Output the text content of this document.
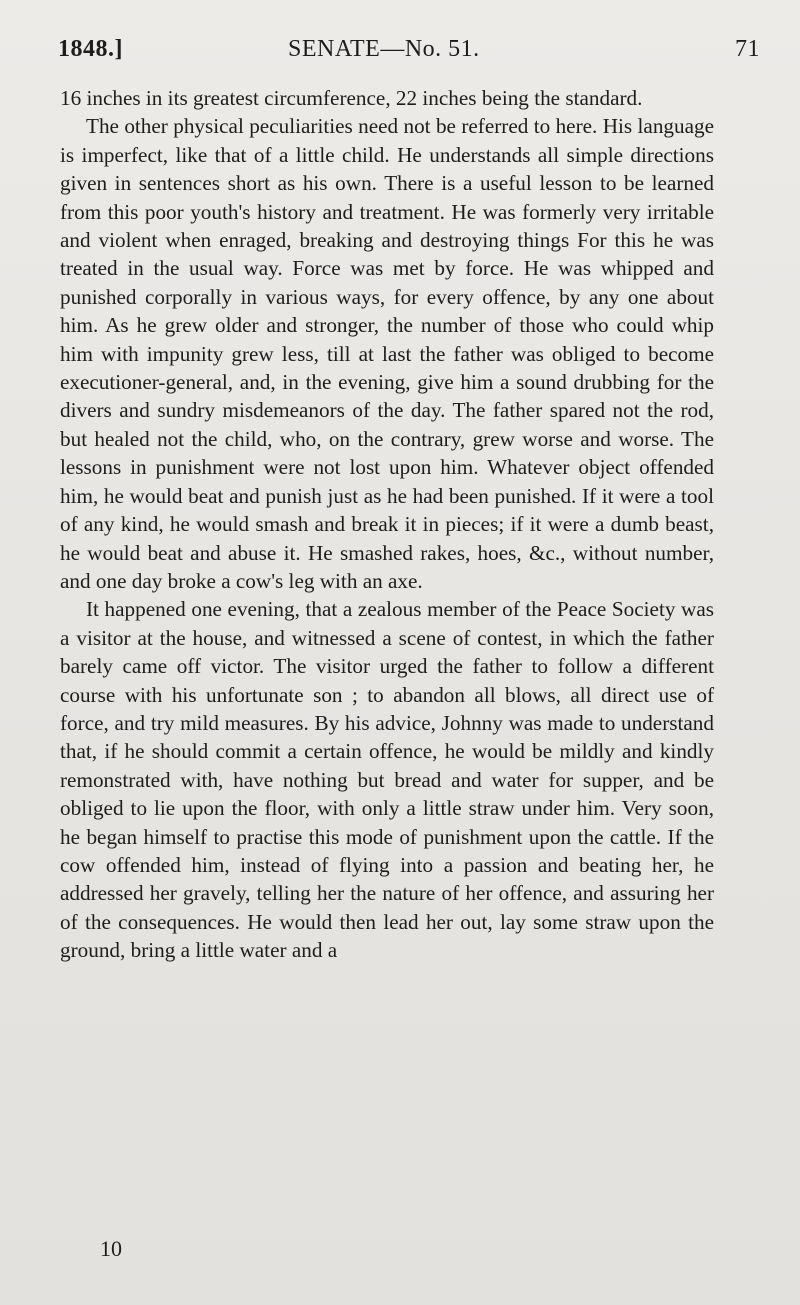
1848.]	SENATE—No. 51.	71

16 inches in its greatest circumference, 22 inches being the standard.

The other physical peculiarities need not be referred to here. His language is imperfect, like that of a little child. He understands all simple directions given in sentences short as his own. There is a useful lesson to be learned from this poor youth's history and treatment. He was formerly very irritable and violent when enraged, breaking and destroying things For this he was treated in the usual way. Force was met by force. He was whipped and punished corporally in various ways, for every offence, by any one about him. As he grew older and stronger, the number of those who could whip him with impunity grew less, till at last the father was obliged to become executioner-general, and, in the evening, give him a sound drubbing for the divers and sundry misdemeanors of the day. The father spared not the rod, but healed not the child, who, on the contrary, grew worse and worse. The lessons in punishment were not lost upon him. Whatever object offended him, he would beat and punish just as he had been punished. If it were a tool of any kind, he would smash and break it in pieces; if it were a dumb beast, he would beat and abuse it. He smashed rakes, hoes, &c., without number, and one day broke a cow's leg with an axe.

It happened one evening, that a zealous member of the Peace Society was a visitor at the house, and witnessed a scene of contest, in which the father barely came off victor. The visitor urged the father to follow a different course with his unfortunate son ; to abandon all blows, all direct use of force, and try mild measures. By his advice, Johnny was made to understand that, if he should commit a certain offence, he would be mildly and kindly remonstrated with, have nothing but bread and water for supper, and be obliged to lie upon the floor, with only a little straw under him. Very soon, he began himself to practise this mode of punishment upon the cattle. If the cow offended him, instead of flying into a passion and beating her, he addressed her gravely, telling her the nature of her offence, and assuring her of the consequences. He would then lead her out, lay some straw upon the ground, bring a little water and a

10
